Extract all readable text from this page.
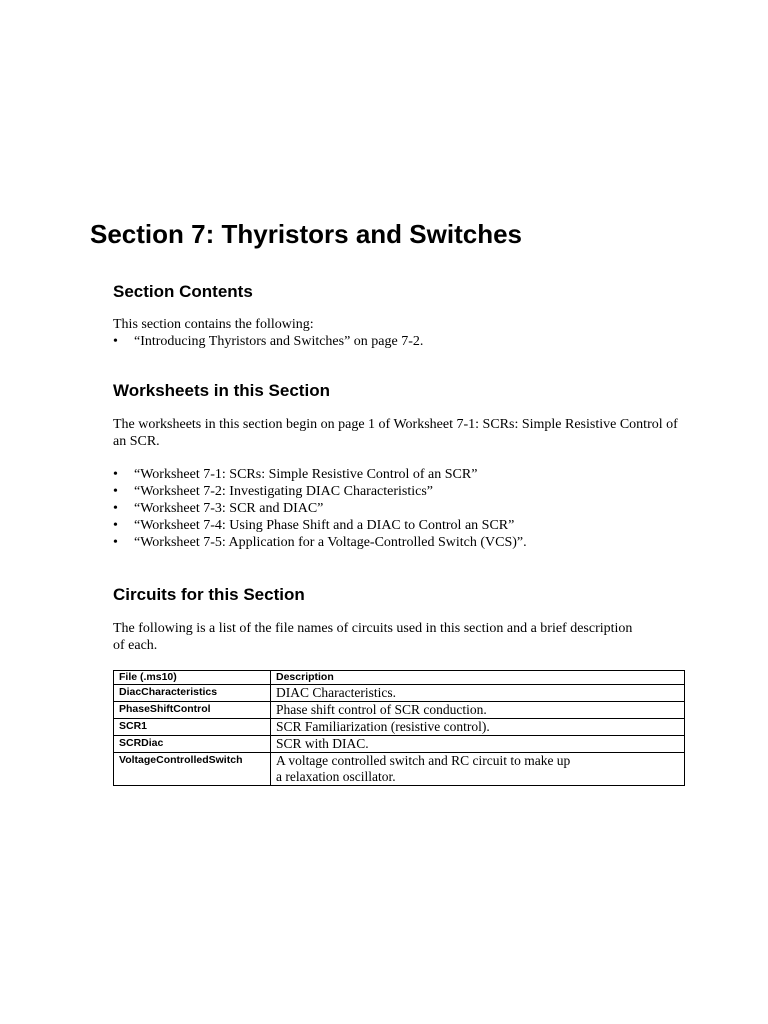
Section 7: Thyristors and Switches
Section Contents

This section contains the following:

• “Introducing Thyristors and Switches” on page 7-2.
Worksheets in this Section

The worksheets in this section begin on page 1 of Worksheet 7-1: SCRs: Simple Resistive Control of an SCR.

• “Worksheet 7-1: SCRs: Simple Resistive Control of an SCR”
• “Worksheet 7-2: Investigating DIAC Characteristics”
• “Worksheet 7-3: SCR and DIAC”
• “Worksheet 7-4: Using Phase Shift and a DIAC to Control an SCR”
• “Worksheet 7-5: Application for a Voltage-Controlled Switch (VCS)”.
Circuits for this Section

The following is a list of the file names of circuits used in this section and a brief description of each.

File (.ms10)	Description
DiacCharacteristics	DIAC Characteristics.
PhaseShiftControl	Phase shift control of SCR conduction.
SCR1	SCR Familiarization (resistive control).
SCRDiac	SCR with DIAC.
VoltageControlledSwitch	A voltage controlled switch and RC circuit to make up a relaxation oscillator.
